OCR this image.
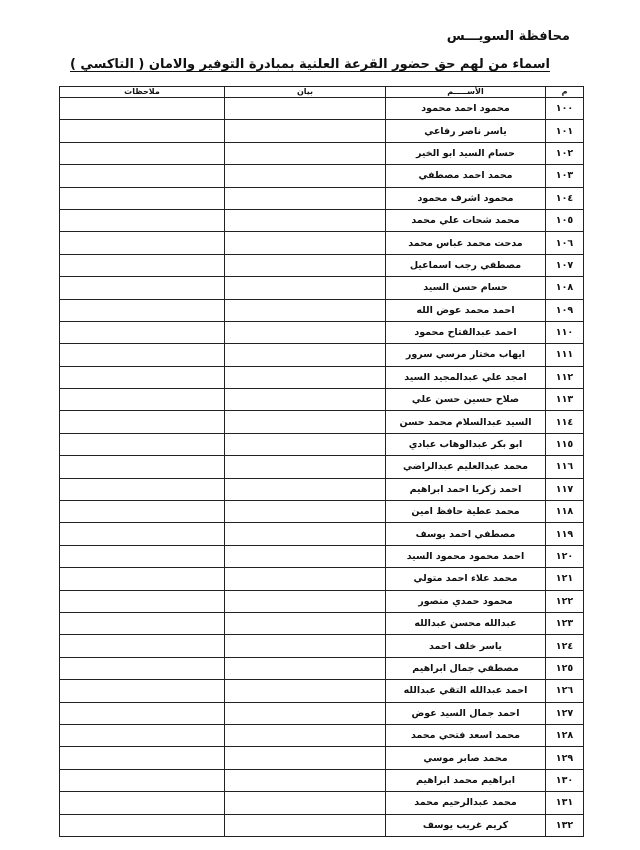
محافظة السويـــس
اسماء من لهم حق حضور القرعة العلنية بمبادرة التوفير والامان ( التاكسي )
م	الأســـــم	بيان	ملاحظات
١٠٠	محمود احمد محمود		
١٠١	ياسر ناصر رفاعي		
١٠٢	حسام السيد ابو الخير		
١٠٣	محمد احمد مصطفي		
١٠٤	محمود اشرف محمود		
١٠٥	محمد شحات علي محمد		
١٠٦	مدحت محمد عباس محمد		
١٠٧	مصطفي رجب اسماعيل		
١٠٨	حسام حسن السيد		
١٠٩	احمد محمد عوض الله		
١١٠	احمد عبدالفتاح محمود		
١١١	ايهاب مختار مرسي سرور		
١١٢	امجد علي عبدالمجيد السيد		
١١٣	صلاح حسين حسن علي		
١١٤	السيد عبدالسلام محمد حسن		
١١٥	ابو بكر عبدالوهاب عبادي		
١١٦	محمد عبدالعليم عبدالراضي		
١١٧	احمد زكريا احمد ابراهيم		
١١٨	محمد عطية حافظ امين		
١١٩	مصطفي احمد يوسف		
١٢٠	احمد محمود محمود السيد		
١٢١	محمد علاء احمد متولي		
١٢٢	محمود حمدي منصور		
١٢٣	عبدالله محسن عبدالله		
١٢٤	ياسر خلف احمد		
١٢٥	مصطفي جمال ابراهيم		
١٢٦	احمد عبدالله التقي عبدالله		
١٢٧	احمد جمال السيد عوض		
١٢٨	محمد اسعد فتحي محمد		
١٢٩	محمد صابر موسي		
١٣٠	ابراهيم محمد ابراهيم		
١٣١	محمد عبدالرحيم محمد		
١٣٢	كريم غريب يوسف		
